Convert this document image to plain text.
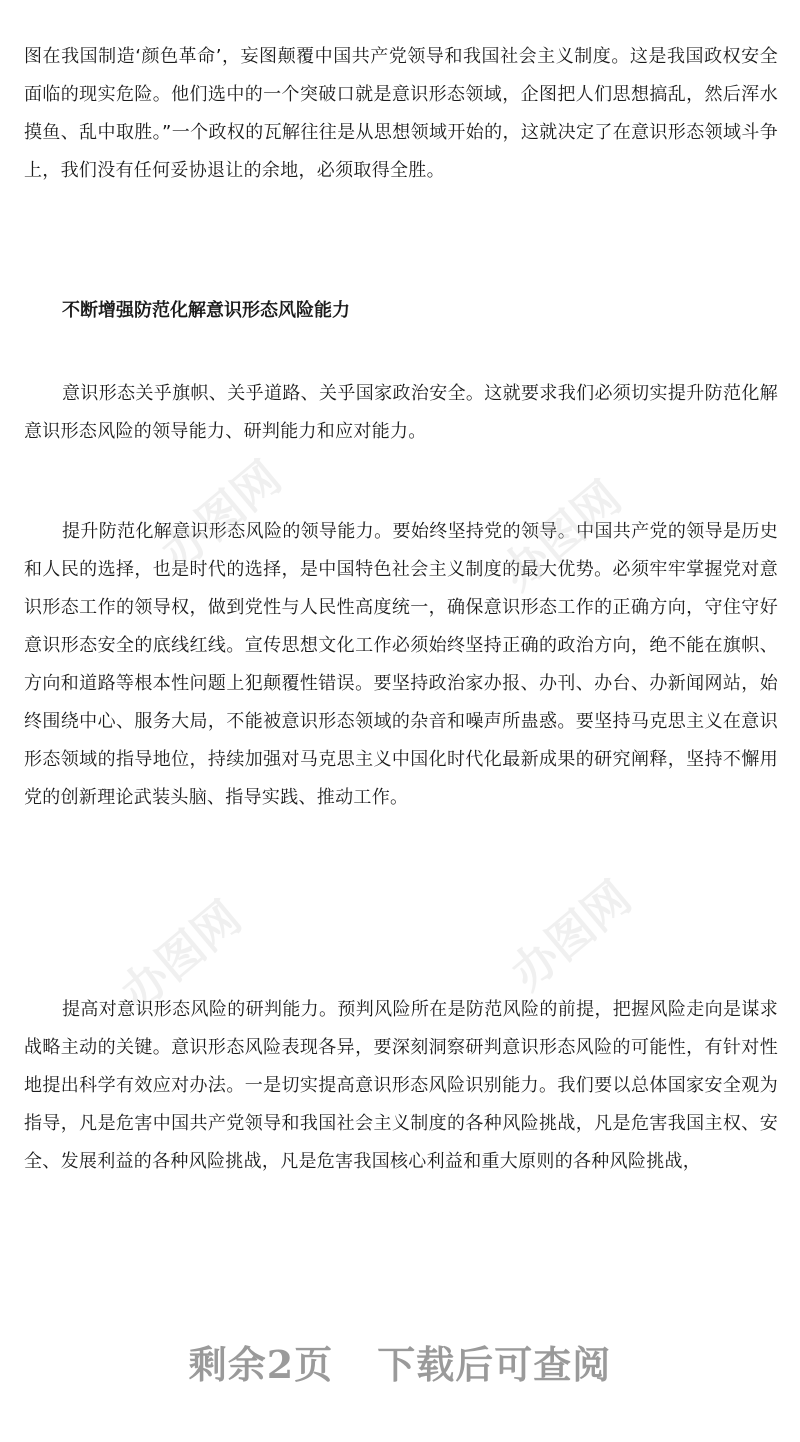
图在我国制造‘颜色革命’，妄图颠覆中国共产党领导和我国社会主义制度。这是我国政权安全面临的现实危险。他们选中的一个突破口就是意识形态领域，企图把人们思想搞乱，然后浑水摸鱼、乱中取胜。”一个政权的瓦解往往是从思想领域开始的，这就决定了在意识形态领域斗争上，我们没有任何妥协退让的余地，必须取得全胜。

不断增强防范化解意识形态风险能力

意识形态关乎旗帜、关乎道路、关乎国家政治安全。这就要求我们必须切实提升防范化解意识形态风险的领导能力、研判能力和应对能力。

提升防范化解意识形态风险的领导能力。要始终坚持党的领导。中国共产党的领导是历史和人民的选择，也是时代的选择，是中国特色社会主义制度的最大优势。必须牢牢掌握党对意识形态工作的领导权，做到党性与人民性高度统一，确保意识形态工作的正确方向，守住守好意识形态安全的底线红线。宣传思想文化工作必须始终坚持正确的政治方向，绝不能在旗帜、方向和道路等根本性问题上犯颠覆性错误。要坚持政治家办报、办刊、办台、办新闻网站，始终围绕中心、服务大局，不能被意识形态领域的杂音和噪声所蛊惑。要坚持马克思主义在意识形态领域的指导地位，持续加强对马克思主义中国化时代化最新成果的研究阐释，坚持不懈用党的创新理论武装头脑、指导实践、推动工作。

提高对意识形态风险的研判能力。预判风险所在是防范风险的前提，把握风险走向是谋求战略主动的关键。意识形态风险表现各异，要深刻洞察研判意识形态风险的可能性，有针对性地提出科学有效应对办法。一是切实提高意识形态风险识别能力。我们要以总体国家安全观为指导，凡是危害中国共产党领导和我国社会主义制度的各种风险挑战，凡是危害我国主权、安全、发展利益的各种风险挑战，凡是危害我国核心利益和重大原则的各种风险挑战，

办图网	办图网
办图网	办图网
剩余2页 下载后可查阅
